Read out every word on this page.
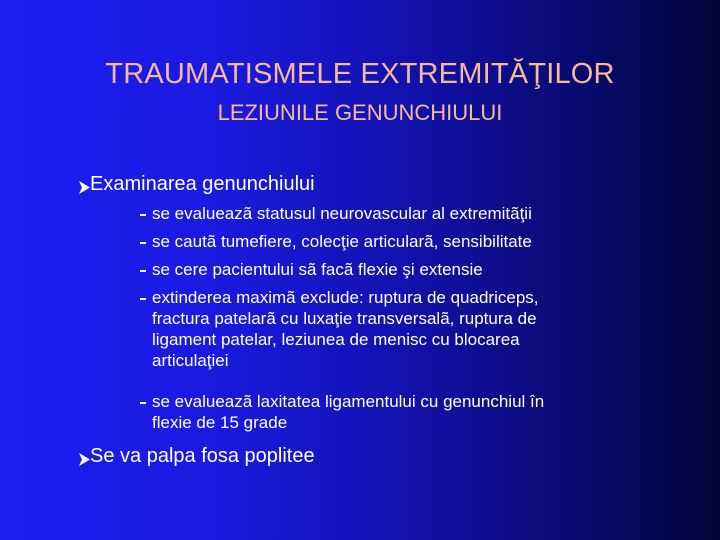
TRAUMATISMELE EXTREMITĂŢILOR
LEZIUNILE GENUNCHIULUI
Examinarea genunchiului
se evalueazã statusul neurovascular al extremitãţii
se cautã tumefiere, colecţie articularã, sensibilitate
se cere pacientului sã facã flexie şi extensie
extinderea maximã exclude: ruptura de quadriceps,
fractura patelarã cu luxaţie transversalã, ruptura de
ligament patelar, leziunea de menisc cu blocarea
articulaţiei
se evalueazã laxitatea ligamentului cu genunchiul în
flexie de 15 grade
Se va palpa fosa poplitee
